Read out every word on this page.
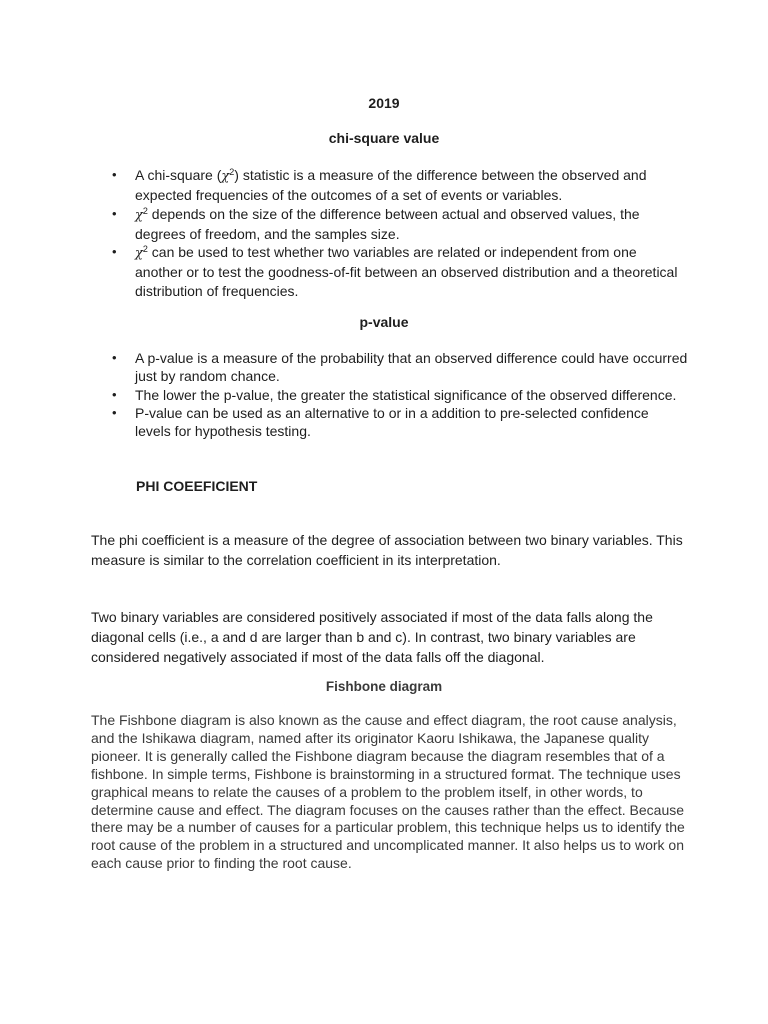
2019

chi-square value

• A chi-square $(\chi^2)$ statistic is a measure of the difference between the observed and expected frequencies of the outcomes of a set of events or variables.
• $\chi^2$ depends on the size of the difference between actual and observed values, the degrees of freedom, and the samples size.
• $\chi^2$ can be used to test whether two variables are related or independent from one another or to test the goodness-of-fit between an observed distribution and a theoretical distribution of frequencies.

p-value

• A p-value is a measure of the probability that an observed difference could have occurred just by random chance.
• The lower the p-value, the greater the statistical significance of the observed difference.
• P-value can be used as an alternative to or in a addition to pre-selected confidence levels for hypothesis testing.

PHI COEEFICIENT

The phi coefficient is a measure of the degree of association between two binary variables. This measure is similar to the correlation coefficient in its interpretation.

Two binary variables are considered positively associated if most of the data falls along the diagonal cells (i.e., a and d are larger than b and c). In contrast, two binary variables are considered negatively associated if most of the data falls off the diagonal.

Fishbone diagram

The Fishbone diagram is also known as the cause and effect diagram, the root cause analysis, and the Ishikawa diagram, named after its originator Kaoru Ishikawa, the Japanese quality pioneer. It is generally called the Fishbone diagram because the diagram resembles that of a fishbone. In simple terms, Fishbone is brainstorming in a structured format. The technique uses graphical means to relate the causes of a problem to the problem itself, in other words, to determine cause and effect. The diagram focuses on the causes rather than the effect. Because there may be a number of causes for a particular problem, this technique helps us to identify the root cause of the problem in a structured and uncomplicated manner. It also helps us to work on each cause prior to finding the root cause.
